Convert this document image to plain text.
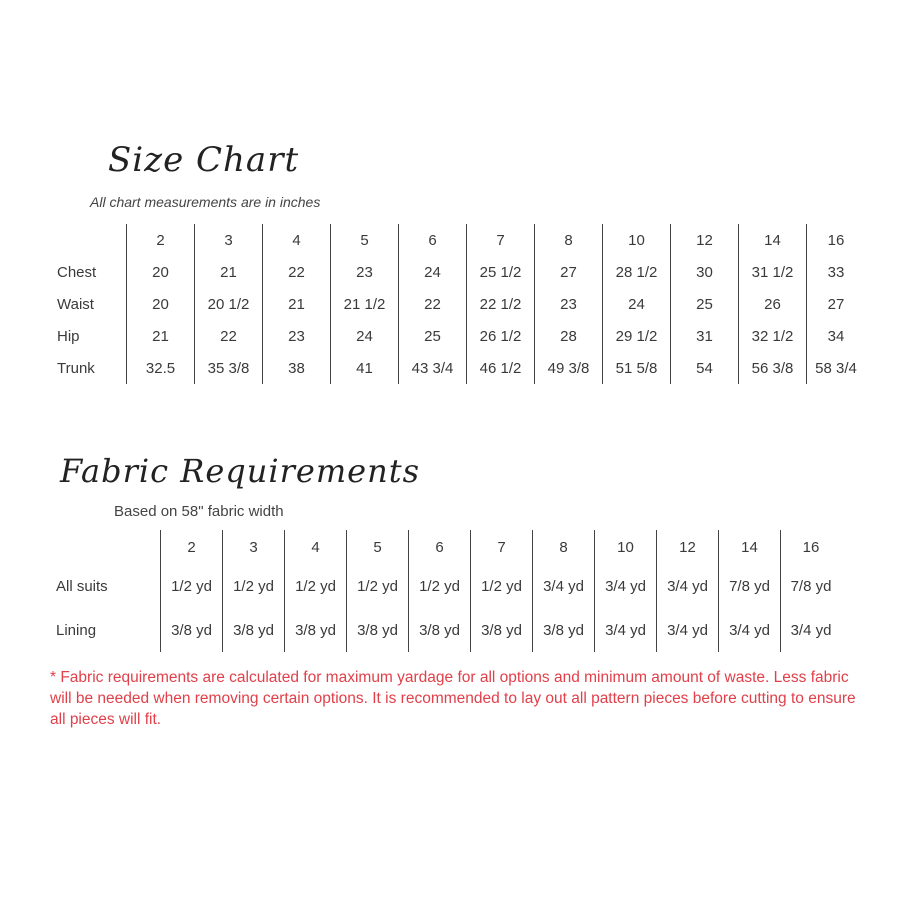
Size Chart
All chart measurements are in inches
	2	3	4	5	6	7	8	10	12	14	16
Chest	20	21	22	23	24	25 1/2	27	28 1/2	30	31 1/2	33
Waist	20	20 1/2	21	21 1/2	22	22 1/2	23	24	25	26	27
Hip	21	22	23	24	25	26 1/2	28	29 1/2	31	32 1/2	34
Trunk	32.5	35 3/8	38	41	43 3/4	46 1/2	49 3/8	51 5/8	54	56 3/8	58 3/4
Fabric Requirements
Based on 58" fabric width
	2	3	4	5	6	7	8	10	12	14	16
All suits	1/2 yd	1/2 yd	1/2 yd	1/2 yd	1/2 yd	1/2 yd	3/4 yd	3/4 yd	3/4 yd	7/8 yd	7/8 yd
Lining	3/8 yd	3/8 yd	3/8 yd	3/8 yd	3/8 yd	3/8 yd	3/8 yd	3/4 yd	3/4 yd	3/4 yd	3/4 yd
* Fabric requirements are calculated for maximum yardage for all options and minimum amount of waste. Less fabric will be needed when removing certain options. It is recommended to lay out all pattern pieces before cutting to ensure all pieces will fit.
